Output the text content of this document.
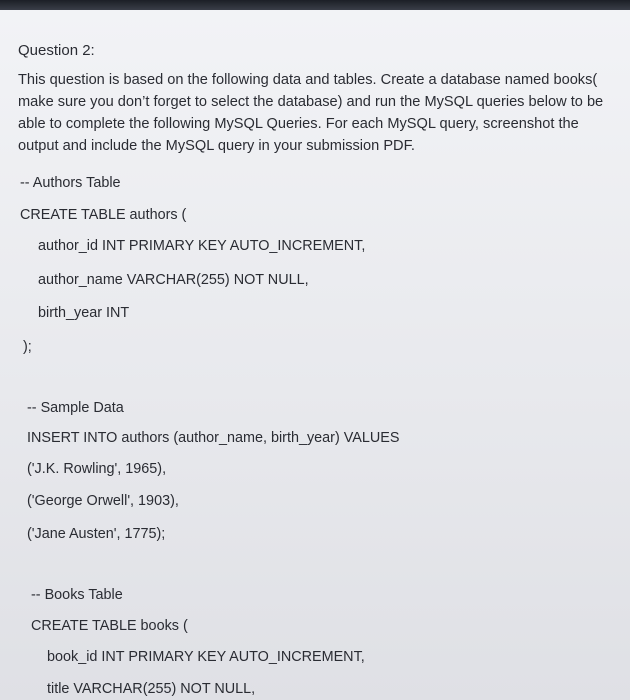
Question 2:
This question is based on the following data and tables. Create a database named books(
make sure you don’t forget to select the database) and run the MySQL queries below to be
able to complete the following MySQL Queries. For each MySQL query, screenshot the
output and include the MySQL query in your submission PDF.
-- Authors Table
CREATE TABLE authors (
author_id INT PRIMARY KEY AUTO_INCREMENT,
author_name VARCHAR(255) NOT NULL,
birth_year INT
);
-- Sample Data
INSERT INTO authors (author_name, birth_year) VALUES
('J.K. Rowling', 1965),
('George Orwell', 1903),
('Jane Austen', 1775);
-- Books Table
CREATE TABLE books (
book_id INT PRIMARY KEY AUTO_INCREMENT,
title VARCHAR(255) NOT NULL,
